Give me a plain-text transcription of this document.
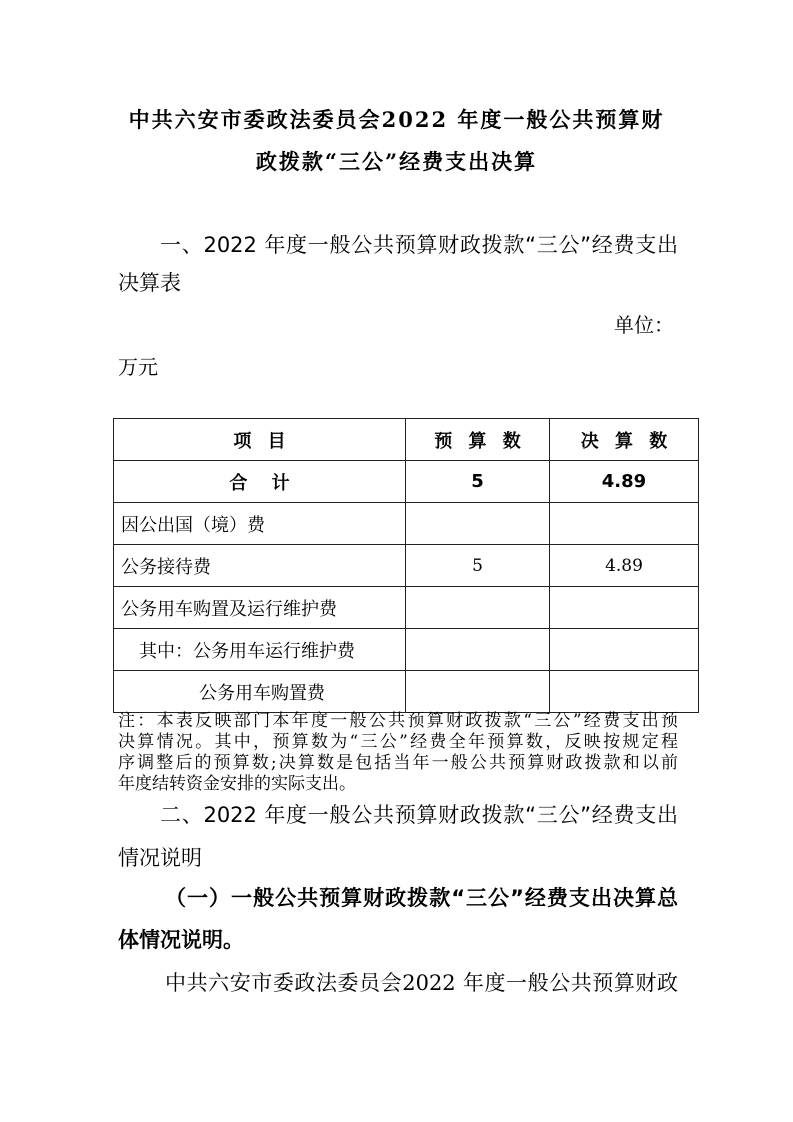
中共六安市委政法委员会2022 年度一般公共预算财
政拨款“三公”经费支出决算
一、2022 年度一般公共预算财政拨款“三公”经费支出
决算表
单位：
万元
项 目	预 算 数	决 算 数
合 计	5	4.89
因公出国（境）费		
公务接待费	5	4.89
公务用车购置及运行维护费		
其中：公务用车运行维护费		
公务用车购置费		
注：本表反映部门本年度一般公共预算财政拨款“三公”经费支出预
决算情况。其中，预算数为“三公”经费全年预算数，反映按规定程
序调整后的预算数;决算数是包括当年一般公共预算财政拨款和以前
年度结转资金安排的实际支出。
二、2022 年度一般公共预算财政拨款“三公”经费支出
情况说明
（一）一般公共预算财政拨款“三公”经费支出决算总
体情况说明。
中共六安市委政法委员会2022 年度一般公共预算财政
